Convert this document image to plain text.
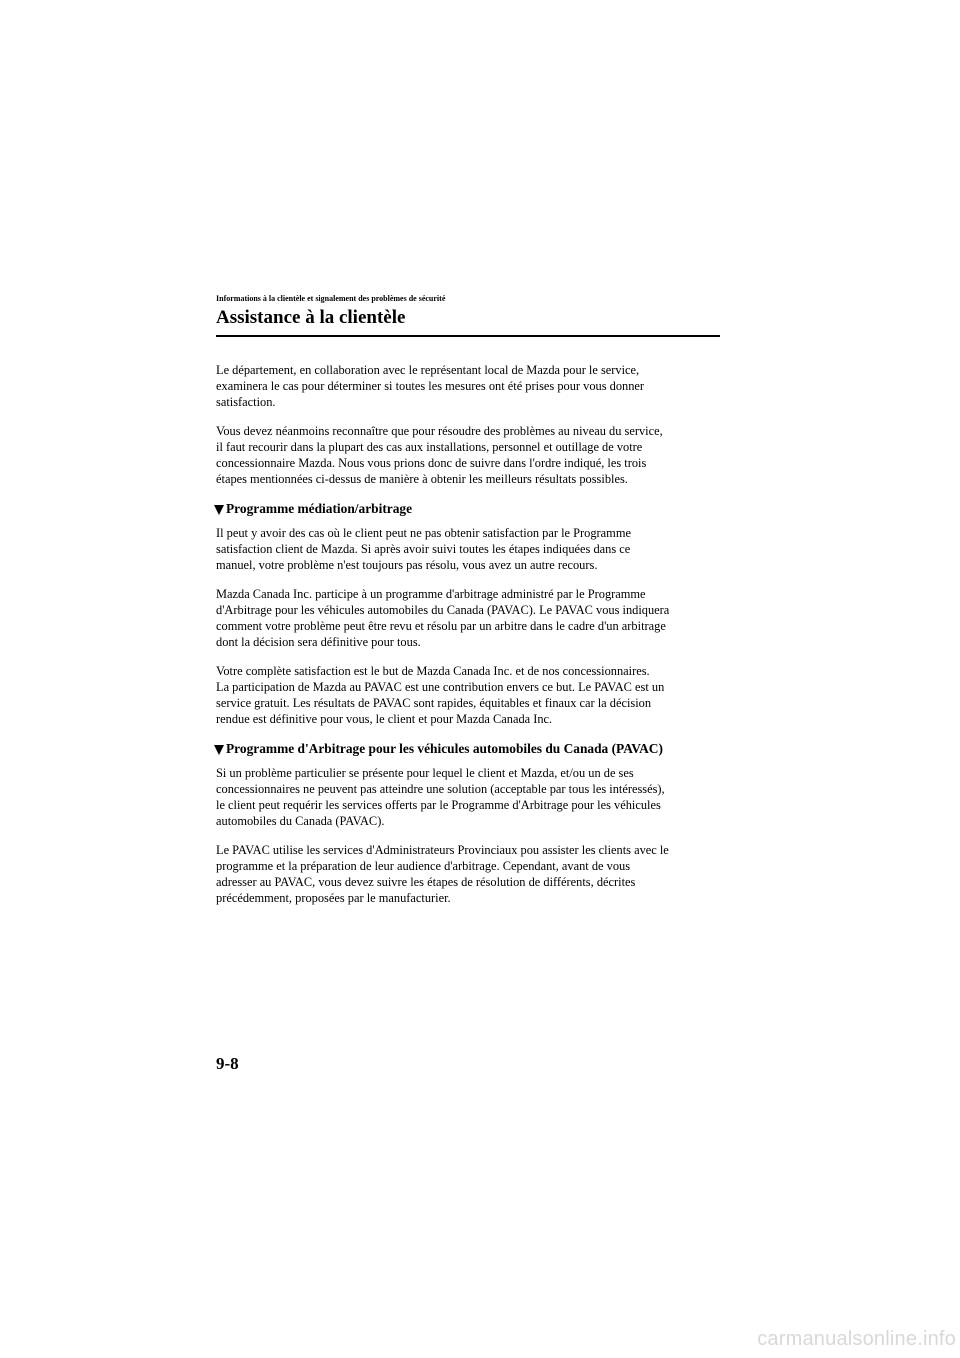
Informations à la clientèle et signalement des problèmes de sécurité
Assistance à la clientèle

Le département, en collaboration avec le représentant local de Mazda pour le service,
examinera le cas pour déterminer si toutes les mesures ont été prises pour vous donner
satisfaction.

Vous devez néanmoins reconnaître que pour résoudre des problèmes au niveau du service,
il faut recourir dans la plupart des cas aux installations, personnel et outillage de votre
concessionnaire Mazda. Nous vous prions donc de suivre dans l'ordre indiqué, les trois
étapes mentionnées ci-dessus de manière à obtenir les meilleurs résultats possibles.

Programme médiation/arbitrage

Il peut y avoir des cas où le client peut ne pas obtenir satisfaction par le Programme
satisfaction client de Mazda. Si après avoir suivi toutes les étapes indiquées dans ce
manuel, votre problème n'est toujours pas résolu, vous avez un autre recours.

Mazda Canada Inc. participe à un programme d'arbitrage administré par le Programme
d'Arbitrage pour les véhicules automobiles du Canada (PAVAC). Le PAVAC vous indiquera
comment votre problème peut être revu et résolu par un arbitre dans le cadre d'un arbitrage
dont la décision sera définitive pour tous.

Votre complète satisfaction est le but de Mazda Canada Inc. et de nos concessionnaires.
La participation de Mazda au PAVAC est une contribution envers ce but. Le PAVAC est un
service gratuit. Les résultats de PAVAC sont rapides, équitables et finaux car la décision
rendue est définitive pour vous, le client et pour Mazda Canada Inc.

Programme d'Arbitrage pour les véhicules automobiles du Canada (PAVAC)

Si un problème particulier se présente pour lequel le client et Mazda, et/ou un de ses
concessionnaires ne peuvent pas atteindre une solution (acceptable par tous les intéressés),
le client peut requérir les services offerts par le Programme d'Arbitrage pour les véhicules
automobiles du Canada (PAVAC).

Le PAVAC utilise les services d'Administrateurs Provinciaux pou assister les clients avec le
programme et la préparation de leur audience d'arbitrage. Cependant, avant de vous
adresser au PAVAC, vous devez suivre les étapes de résolution de différents, décrites
précédemment, proposées par le manufacturier.

9-8
carmanualsonline.info
